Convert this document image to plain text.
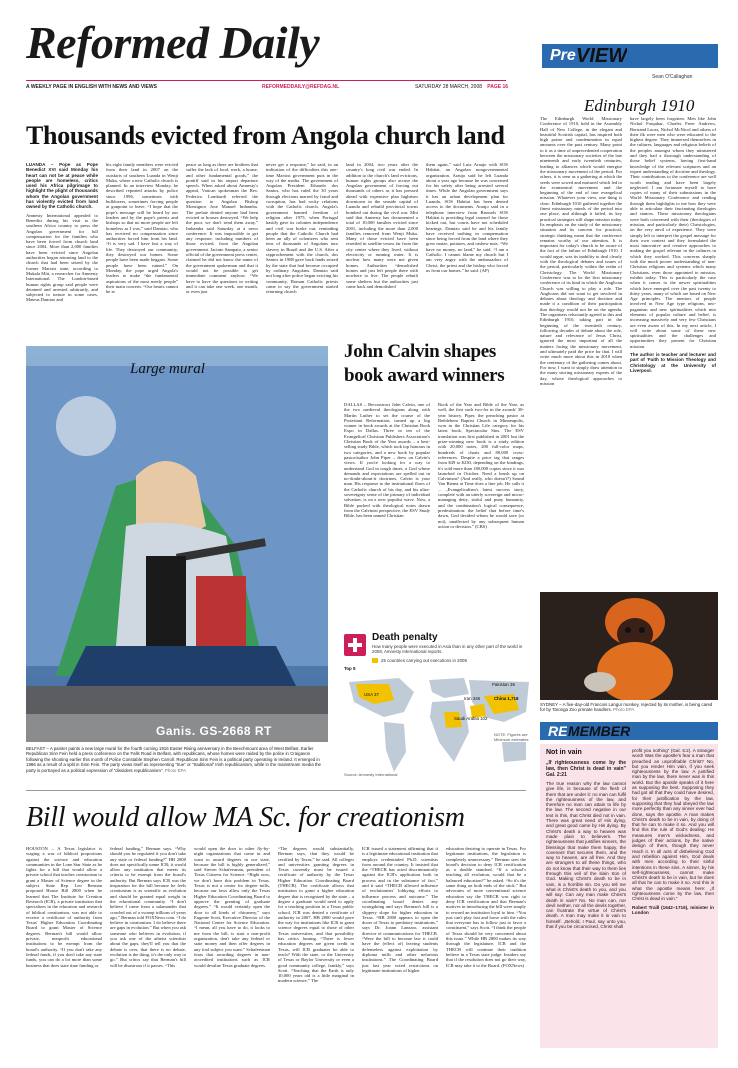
Reformed Daily	Pre VIEW
Sean O'Callaghan
A WEEKLY PAGE IN ENGLISH WITH NEWS AND VIEWS	REFORMEDDAILY@REFDAG.NL	SATURDAY 28 MARCH, 2008	PAGE 16
Thousands evicted from Angola church land

LUANDA – Pope as Pope Benedict XVI said Monday his heart can not be at peace while people are homeless, critics used his Africa pilgrimage to highlight the plight of thousands whom the Angolan government has violently evicted from land owned by the Catholic church.

Amnesty International appealed to Benedict during his visit to the southern Africa country to press the Angolan government for full compensation for the families who have been forced from church land since 2004. More than 2,000 families have been evicted since Angolan authorities began returning land to the church that had been seized by the former Marxist state, according to Mukala Mitt, a researcher for Amnesty International. The London-based human rights group said people were detained and arrested arbitrarily, and subjected to torture in some cases, Mateus Damiao and

his eight family members were evicted from their land in 2007 on the outskirts of southern Luanda in Wenji Muka, where a new Catholic church is planned. In an interview Monday, he described repeated attacks by police since 1996, sometimes with bulldozers, sometimes forcing people at gunpoint to leave. “I hope that the pope's message will be heard by our leaders and by the pope's priests and bishops so that no more people are left homeless as I was,” said Damiao, who has received no compensation since authorities forced him from his land. “It is very sad. I have lost a way of life. They destroyed our community, they destroyed our homes. Some people have been made beggars. Some people have been ruined.” On Monday, the pope urged Angola's leaders to make “the fundamental aspirations of the most needy people” their main concern. “Our hearts cannot be at

peace as long as there are brothers that suffer the lack of food, work, a house, and other fundamental goods,” the pontiff said in his airport departure speech. When asked about Amnesty's appeal, Vatican spokesman the Rev. Federico Lombardi referred the question to Angolan Bishop Monsignor Jose Manuel Imbamba. The prelate denied anyone had been evicted or houses destroyed. “We help the poor, we don't send them away,” Imbamba said Saturday at a news conference. It was impossible to get any response, including numbers of those evicted, from the Angolan government. Jacinto Sampaio, a senior official of the government press center, claimed he did not know the name of the government spokesman and that it would not be possible to get immediate comment anyhow. “We have to have the questions in writing and it can take one week, one month, or even just

never get a response,” he said, in an indication of the difficulties this one-time Marxist government puts in the way of the media. The government of Angolan President Eduardo dos Santos, who has ruled the 30 years through elections marred by fraud and corruption, has had rocky relations with the Catholic church. Angola's government banned freedom of religion after 1975, when Portugal hastily gave its colonies independence and civil war broke out, reminding people that the Catholic Church had been an ally of colonizers who sent tens of thousands of Angolans into slavery in Brazil and the U.S. After a rapprochement with the church, dos Santos in 1988 gave back lands seized by the state that had become occupied by ordinary Angolans. Damiao said not long after police began evicting his community, Roman Catholic priests came to say the government started returning church

land in 2004, two years after the country's long civil war ended. In addition to the church's land evictions, human rights groups also accuse the Angolan government of forcing out thousands of others as it has pressed ahead with expensive plan highrises downtown in the seaside capital of Luanda and rebuild provincial towns bombed out during the civil war. Mitt said that Amnesty has documented a total of 10,000 families evicted since 2001, including the more than 2,000 families removed from Wenji Muka. Many of those evicted have been resettled in satellite towns far from the city center where they lived, without electricity or running water. It is unclear how many were not given homes. Authorities “demolished homes and just left people there with nowhere to live. The people rebuilt some shelters but the authorities just came back and demolished

them again,” said Luiz Araujo with SOS Habitat, an Angolan nongovernmental organization. Araujo said he left Luanda about a year ago because he was concerned for his safety after being arrested several times. While the Angolan government says it has an urban development plan for Luanda, SOS Habitat has been denied access to the documents. Araujo said in a telephone interview from Brussels SOS Habitat is providing legal counsel for those kicked out, but courts have not scheduled hearings. Damiao said he and his family have received nothing in compensation since being forced from the land where they grew maize, potatoes, and cashew nuts. “We have no money, no land,” he said. “I am a Catholic. I cannot blame my church but I am very angry with the ambassadors of Christ, the priest and the bishop who forced us from our homes,” he said. (AP)

Edinburgh 1910

The Edinburgh World Missionary Conference of 1910, held in the Assembly Hall of New College, in the elegant and beautiful Scottish capital, has inspired both high praise and condemnation in equal amounts over the past century. Many point to it as a time of unprecedented cooperation between the missionary societies of the late nineteenth and early twentieth centuries, leading to alliances which would energise the missionary movement of the period. For others, it is seen as a gathering at which the seeds were sowed and nurtured which led to the ecumenical movement and the beginning of the end of true evangelical mission. Whatever your view, one thing is clear: Edinburgh 1910 gathered together the finest missionary minds of the period into one place, and although it failed, its key practical strategies still shape mission today. Its emphasis on the study of the missionary situation and its concern for practical, strategic thinking mean that the conference remains worthy of our attention. It is important for today's church to be aware of the fact of the failure of Edinburgh 1910. I would argue, was its inability to deal clearly with the theological debates and issues of the period, particularly within the realm of Christology. The World Missionary Conference was to be the first missionary conference of its kind in which the Anglican Church was willing to play a role. The Anglicans did not want to get involved in debates about theology and doctrine and made it a condition of their participation that theology would not be on the agenda. The organisers reluctantly agreed to this and Edinburgh 1910, taking part in the beginning of the twentieth century, following decades of debate about the role, nature and relevance of Jesus Christ, ignored the most important of all the matters facing the missionary movement, and ultimately paid the price for that. I will write much more about this in 2010 when the centenary of the gathering comes about. For now, I want to simply draw attention to the many stirring missionary experts of the day, whose theological approaches to mission

have largely been forgotten. Men like John Nichol Farquhar, Charles Freer Andrews, Bertrand Lucas, Nichol McNicol and others of their ilk were men who were educated to the highest degree. They immersed themselves in the cultures, languages and religious beliefs of the peoples amongst whom they ministered and they had a thorough understanding of those belief systems, having first-hand knowledge of the relevant scriptures and an expert understanding of doctrine and theology. Their contributions to the conference are well worth reading and have been largely neglected. I am fortunate myself to have copies of many of their submissions in the World Missionary Conference and reading through them highlights to me how they were able to articulate their fascinating theologies and stances. These missionary theologians were both concerned with their (theologies of mission, and particularly their) Christologies, on the very anvil of experience. They were simply left to interpret the gospel message for their own context and they formulated the most innovative and creative approaches to making the gospel relevant in the cultures in which they worked. This concerns sharply with the much poorer understanding of non-Christian religions and systems which many Christians, even those appointed to mission, exhibit today. This is particularly the case when it comes to the newer spiritualities which have emerged over the past twenty to thirty years, many of which are based on New Age principles. The mentors of people involved in New Age type religions, neo-paganism and new spiritualities which mix elements of popular culture and belief, is increasing massively and very few Christians are even aware of this. In my next article, I will write about some of these new spiritualities and the challenges and opportunities they present for Christian mission.

The author is teacher and lecturer and part of ‘Faith to Mission Theology and Christology at the University of Liverpool.

Large mural
Ganis. GS-2668 RT
BELFAST – A painter paints a new large mural for the fourth coming 1916 Easter Rising anniversary in the Beechmount area of West Belfast. Earlier Republican Sinn Fein held a press conference on the Falls Road in Belfast, with republicans, whose homes were raided by the police in Craigavon following the shooting earlier this month of Police Constable Stephen Carroll. Republican Sinn Fein is a political party operating in Ireland. It emerged in 1986 as a result of a split in Sinn Fein. The party views itself as representing “true” or “traditional” Irish republicanism, while in the mainstream media the party is portrayed as a political expression of “dissident republicanism”. Photo EPA
John Calvin shapes book award winners

DALLAS – Reconstruct John Calvin, one of the two medieval theologians along with Martin Luther to set the course of the Protestant Reformation, turned up a big winner in book awards at the Christian Book Expo in Dallas. Three in ten of the Evangelical Christian Publishers Association's Christian Book of the Year awards – a best-selling study Bible, which took top honours in two categories, and a new book by popular pastor/author John Piper – drew on Calvin's views. If you're looking for a way to understand God in tough times, a God whose demands and expectations are spelled out in no-doubt-about-it doctrines, Calvin is your man. His response to the institutional flaws of the Catholic church of his day, and his ultra-sovereignty sense of the primary of individual salvation, is on a new populist wave. Now, a Bible packed with theological notes drawn from the Calvinist perspective, the ESV Study Bible, has been named Christian

Book of the Year and Bible of the Year, as well, the first such two-fer in the awards' 30-year history. Piper, the preaching pastor at Bethlehem Baptist Church in Minneapolis, won in the Christian Life category for his latest book, Spectacular Sins. The ESV translation was first published in 2001 but the prize-winning new book is a study edition with 20,000 notes, 200 full-color maps, hundreds of charts and 80,000 cross-references. Despite a price tag that ranges from $49 to $230, depending on the bindings, it's sold more than 180,000 copies since it was launched in October. Need a brush up on Calvinism? (And really, who doesn't?) Sound Van Biema at Time does a fine job. He calls it ... „Evangelicalism's latest success story, complete with an utterly sovereign and micro-managing deity, sinful and puny humanity, and the combination's logical consequence, predestination: the belief that before time's dawn, God decided whom he would save (or not), unaffected by any subsequent human action or decision.” (CBS)

Death penalty
How many people were executed in Asia than in any other part of the world in 2008, Amnesty International reports.
25 countries carrying out executions in 2008
Top 5
Pakistan 36
USA 37
Iran 346	China 1,718
Saudi Arabia 102
NOTE: Figures are Minimum estimates
Source: Amnesty International
SYDNEY – A five-day-old Francois Langur monkey, rejected by its mother, is being cared for by Taronga Zoo primate handlers. Photo EPA
RE MEMBER
Not in vain

„If righteousness come by the law, then Christ is dead in vain” Gal. 2:21

The true reason why the law cannot give life, is because of the flesh of them that are under it: no man can fulfil the righteousness of the law, and therefore no man can attain to life by the law. The second negative in our text is this, that Christ died not in vain. There was great need of His dying, and great good came by His dying. By Christ's death a way to heaven was made plain to believers. The righteousness that justifies sinners, the blessings that make them happy, the covenant that secures them, and the way to heaven, are all free. And they are strangers to all these things, who do not know that their way to them lies through this veil of the slain Son of God. Making Christ's death to be in vain, is a horrible sin. Do you tell me what is Christ's death to you, and you will say: Can any man make Christ's death in vain? No. No man can, nor devil neither, nor all the devils together, can frustrate the virtue of Christ's death. A man may make it in vain to himself. „Behold, I Paul, say unto you, that if you be circumcised, Christ shall

profit you nothing” (Gal. 5:2). A stranger word! Was the apostle's fear a man that preached an unprofitable Christ? No, but you render Him vain, if you seek righteousness by the law. A justified man by the law, there never was in this world. But the apostle speaks of it here as supposing the best. Supposing they had got all that they could have desired, for their justification by the law, supposing that they had obeyed the law more perfectly than any sinner ever had done, says the apostle. A man makes Christ's death to be in vain, by doing of that he can to make it so. And you will find this the rule of God's dealing: He measures men's wickedness, and judges of their actions, by the native design of them, though they never reach it. In all acts of disbelieving God and rebellion against Him, God deals with men according to their sinful intentions in these sins. A sinner, by his self-righteousness, cannot make Christ's death to be in vain, but he does all that he can to make it so. And this is what the apostle means here: „If righteousness come by the law, then Christ is dead in vain.”

Robert Traill (1642–1716), minister in London

Bill would allow MA Sc. for creationism

HOUSTON – A Texas legislator is waging a war of biblical proportions against the science and education communities in the Lone Star State as he fights for a bill that would allow a private school that teaches creationism to grant a Master of Science degree in the subject. State Rep. Leo Berman proposed House Bill 2800 when he learned that The Institute for Creation Research (ICR), a private institution that specializes in the education and research of biblical creationism, was not able to receive a certificate of authority from Texas' Higher Education Coordinating Board to grant Master of Science degrees. Berman's bill would allow private, nonprofit educational institutions to be exempt from the board's authority. “If you don't take any federal funds, if you don't take any state funds, you can do a lot more than some business that does state time funding or

federal funding,” Berman says. “Why should you be regulated if you don't take any state or federal funding?” HB 2800 does not specifically name ICR; it would allow any institution that meets its criteria to be exempt from the board's authority. But Berman says ICR was the inspiration for the bill because he feels creationism is as scientific as evolution and should be granted equal weight in the educational community. “I don't believe I came from a salamander that crawled out of a swamp trillions of years ago,” Berman told FOXNews.com. “I do believe in creationism. I do believe there are gaps in evolution.” But when you ask someone who believes in evolution, if you ask one of the atheist scientists about the gaps, they'll tell you that the debate is over, that there is no debate, evolution is the thing, it's the only way to go.” But critics say that Berman's bill will be disastrous if it passes. “This

would open the door to other fly-by-night organizations that come in and want to award degrees in our state, because the bill is highly generalized,” said Steven Schafersman, president of Texas Citizens for Science. “Right now, we don't have this problem in Texas. Texas is not a center for degree mills, because our laws allow only the Texas Higher Education Coordinating Board to approve the granting of graduate degrees.” “It would certainly open the door to all kinds of chicanery,” says Eugenie Scott, Executive Director of the National Center for Science Education. “I mean, all you have to do, it looks to me from the bill, is start a non-profit organization, don't take any federal or state money and then offer degrees in any fool subject you want.” Schafersman fears that awarding degrees in non-accredited institutions such as ICR would devalue Texas graduate degrees.

“The degrees would substantially, Berman says, that they would be certified by Texas,” he said. All colleges and universities granting degrees in Texas currently must be issued a certificate of authority by the Texas Higher Education Coordinating Board (THECB). The certificate allows that institution to grant a higher education degree that is recognized by the state – a degree a graduate would need to apply for a teaching position in a Texas public school. ICR was denied a certificate of authority in 2007. HB 2800 would pave the way for institutions like ICR to grant science degrees equal to those of other Texas universities, and that possibility has critics fuming. “There is fewer education degrees are given credit in Texas, will ICR graduates be able to teach? With the state, or the University of Texas or Baylor University or even a good community college, frankly,” says Scott. “Teaching that the Earth is only 10,000 years old is a little marginal in modern science.” The

ICR issued a statement affirming that it is a legitimate educational institution that employs credentialed Ph.D. scientists from around the country. It insisted that the “THECB has acted discriminatorily against the ICR's application both in process and in the substance of fact,” and it said “THECB allowed influence of evolutionists' lobbying efforts to influence process and outcome.” The coordinating board denies any wrongdoing and says Berman's bill is a slippery slope for higher education in Texas. “HB 2800 appears to open the doors of Texas to predatory institutions,” says Dr. Joann Lanzaro, assistant director of communications for THECB. “Were the bill to become law it could have the (effect of) leaving students defenseless against exploitation by diploma mills and other nefarious institutions.” The Coordinating Board just last year voted restrictions on legitimate institutions of higher

education desiring to operate in Texas. For legitimate institutions, the legislation is completely unnecessary.” Berman sees the board's decision to deny ICR certification as a double standard. “If a school's teaching all evolution, would that be a balanced education?” he asked. “So it's the same thing on both ends of the stick.” But advocates of more conventional science education say the THECB was right to deny ICR certification and that Berman's motives in introducing the bill were simply to reward an institution loyal to him. “You just can't play fast and loose with the rules that everyone has to follow just to favor a constituent,” says Scott. “I think the people of Texas should be very concerned about this issue.” While HB 2800 makes its way through the legislature, ICR and the THECB will continue their tradition believe in a Texas state judge. Insiders say that if the resolution does not go their way, ICR may take it to the Board. (FOXNews)
